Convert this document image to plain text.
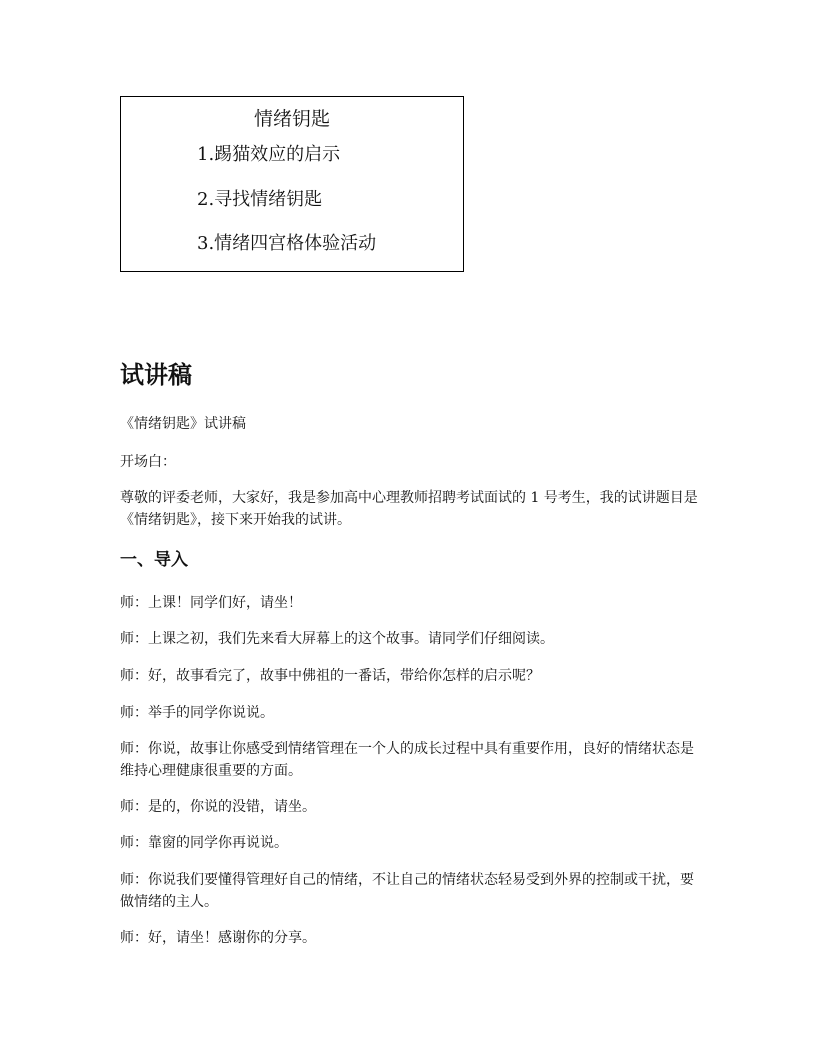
情绪钥匙
1.踢猫效应的启示
2.寻找情绪钥匙
3.情绪四宫格体验活动
试讲稿
《情绪钥匙》试讲稿
开场白：
尊敬的评委老师，大家好，我是参加高中心理教师招聘考试面试的 1 号考生，我的试讲题目是《情绪钥匙》，接下来开始我的试讲。
一、导入
师：上课！同学们好，请坐！
师：上课之初，我们先来看大屏幕上的这个故事。请同学们仔细阅读。
师：好，故事看完了，故事中佛祖的一番话，带给你怎样的启示呢？
师：举手的同学你说说。
师：你说，故事让你感受到情绪管理在一个人的成长过程中具有重要作用，良好的情绪状态是维持心理健康很重要的方面。
师：是的，你说的没错，请坐。
师：靠窗的同学你再说说。
师：你说我们要懂得管理好自己的情绪，不让自己的情绪状态轻易受到外界的控制或干扰，要做情绪的主人。
师：好，请坐！感谢你的分享。
